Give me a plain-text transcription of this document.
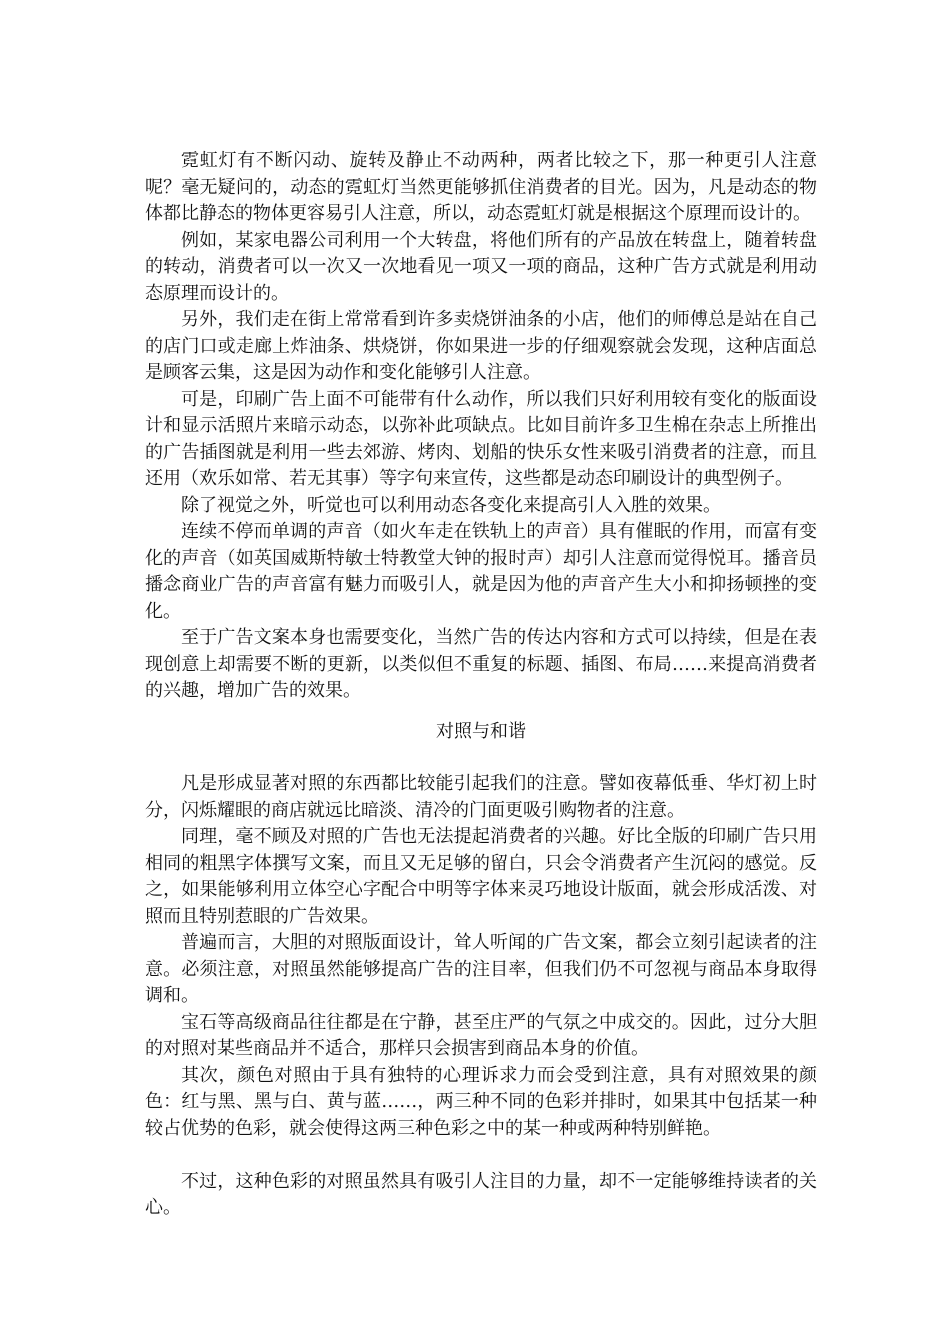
霓虹灯有不断闪动、旋转及静止不动两种，两者比较之下，那一种更引人注意呢？毫无疑问的，动态的霓虹灯当然更能够抓住消费者的目光。因为，凡是动态的物体都比静态的物体更容易引人注意，所以，动态霓虹灯就是根据这个原理而设计的。

例如，某家电器公司利用一个大转盘，将他们所有的产品放在转盘上，随着转盘的转动，消费者可以一次又一次地看见一项又一项的商品，这种广告方式就是利用动态原理而设计的。

另外，我们走在街上常常看到许多卖烧饼油条的小店，他们的师傅总是站在自己的店门口或走廊上炸油条、烘烧饼，你如果进一步的仔细观察就会发现，这种店面总是顾客云集，这是因为动作和变化能够引人注意。

可是，印刷广告上面不可能带有什么动作，所以我们只好利用较有变化的版面设计和显示活照片来暗示动态，以弥补此项缺点。比如目前许多卫生棉在杂志上所推出的广告插图就是利用一些去郊游、烤肉、划船的快乐女性来吸引消费者的注意，而且还用（欢乐如常、若无其事）等字句来宣传，这些都是动态印刷设计的典型例子。

除了视觉之外，听觉也可以利用动态各变化来提高引人入胜的效果。

连续不停而单调的声音（如火车走在铁轨上的声音）具有催眠的作用，而富有变化的声音（如英国威斯特敏士特教堂大钟的报时声）却引人注意而觉得悦耳。播音员播念商业广告的声音富有魅力而吸引人，就是因为他的声音产生大小和抑扬顿挫的变化。

至于广告文案本身也需要变化，当然广告的传达内容和方式可以持续，但是在表现创意上却需要不断的更新，以类似但不重复的标题、插图、布局……来提高消费者的兴趣，增加广告的效果。

对照与和谐

凡是形成显著对照的东西都比较能引起我们的注意。譬如夜幕低垂、华灯初上时分，闪烁耀眼的商店就远比暗淡、清冷的门面更吸引购物者的注意。

同理，毫不顾及对照的广告也无法提起消费者的兴趣。好比全版的印刷广告只用相同的粗黑字体撰写文案，而且又无足够的留白，只会令消费者产生沉闷的感觉。反之，如果能够利用立体空心字配合中明等字体来灵巧地设计版面，就会形成活泼、对照而且特别惹眼的广告效果。

普遍而言，大胆的对照版面设计，耸人听闻的广告文案，都会立刻引起读者的注意。必须注意，对照虽然能够提高广告的注目率，但我们仍不可忽视与商品本身取得调和。

宝石等高级商品往往都是在宁静，甚至庄严的气氛之中成交的。因此，过分大胆的对照对某些商品并不适合，那样只会损害到商品本身的价值。

其次，颜色对照由于具有独特的心理诉求力而会受到注意，具有对照效果的颜色：红与黑、黑与白、黄与蓝……，两三种不同的色彩并排时，如果其中包括某一种较占优势的色彩，就会使得这两三种色彩之中的某一种或两种特别鲜艳。

不过，这种色彩的对照虽然具有吸引人注目的力量，却不一定能够维持读者的关心。
